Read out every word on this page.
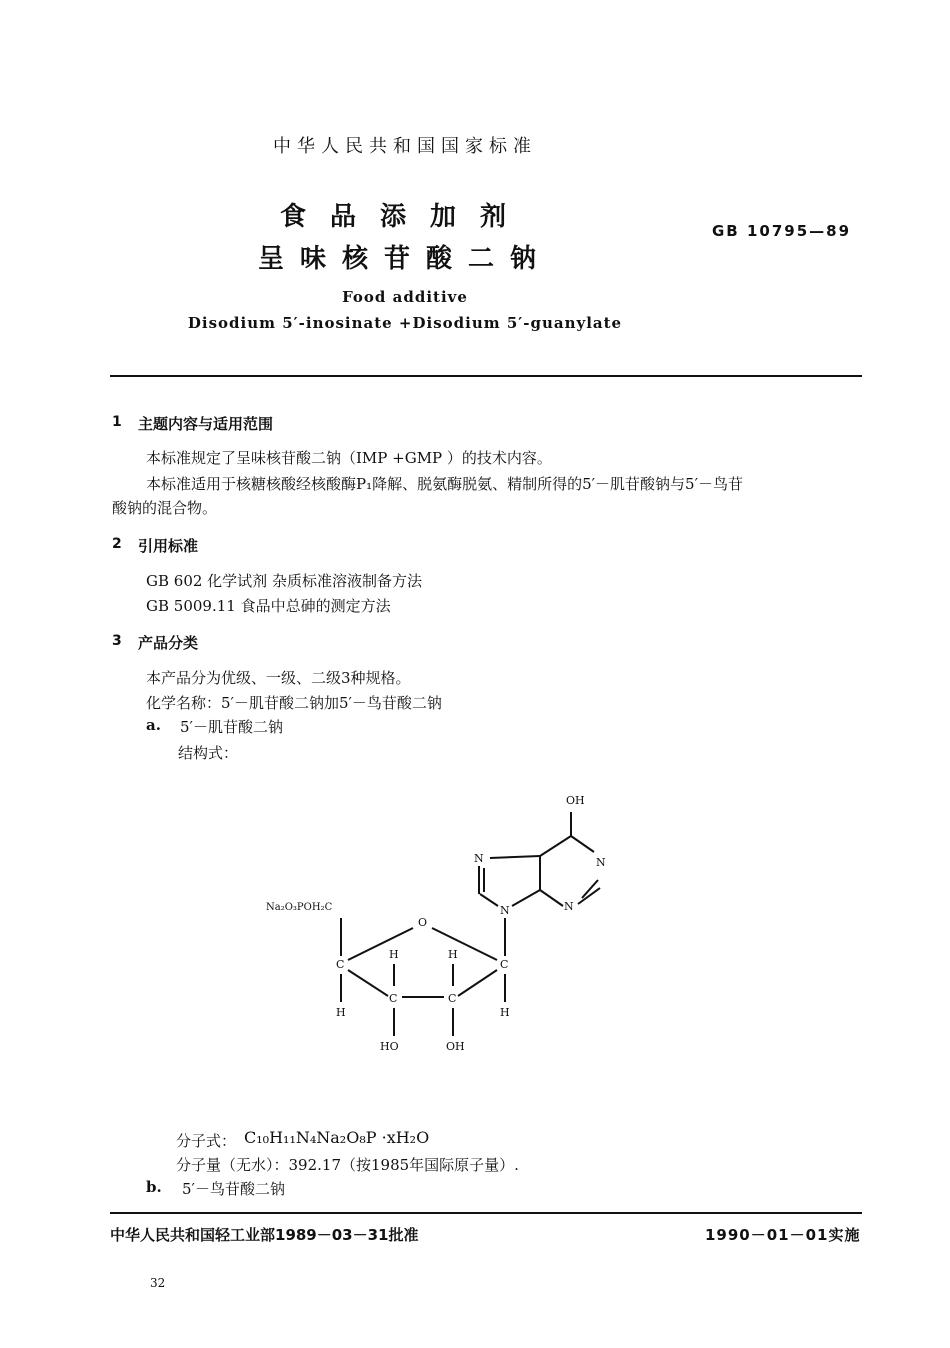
中华人民共和国国家标准
食品添加剂
呈味核苷酸二钠
GB 10795—89
Food additive
Disodium 5′-inosinate +Disodium 5′-guanylate
1 主题内容与适用范围
本标准规定了呈味核苷酸二钠（IMP +GMP ）的技术内容。
本标准适用于核糖核酸经核酸酶P₁降解、脱氨酶脱氨、精制所得的5′－肌苷酸钠与5′－鸟苷
酸钠的混合物。
2 引用标准
GB 602 化学试剂 杂质标准溶液制备方法
GB 5009.11 食品中总砷的测定方法
3 产品分类
本产品分为优级、一级、二级3种规格。
化学名称：5′－肌苷酸二钠加5′－鸟苷酸二钠
a. 5′－肌苷酸二钠
结构式：
OH
N	N
N	N
Na₂O₃POH₂C
O
C
C	C
C
H
H	H
H
HO	OH
分子式： C₁₀H₁₁N₄Na₂O₈P ·xH₂O
分子量（无水）：392.17（按1985年国际原子量）.
b. 5′－鸟苷酸二钠
中华人民共和国轻工业部1989－03－31批准	1990－01－01实施
32
